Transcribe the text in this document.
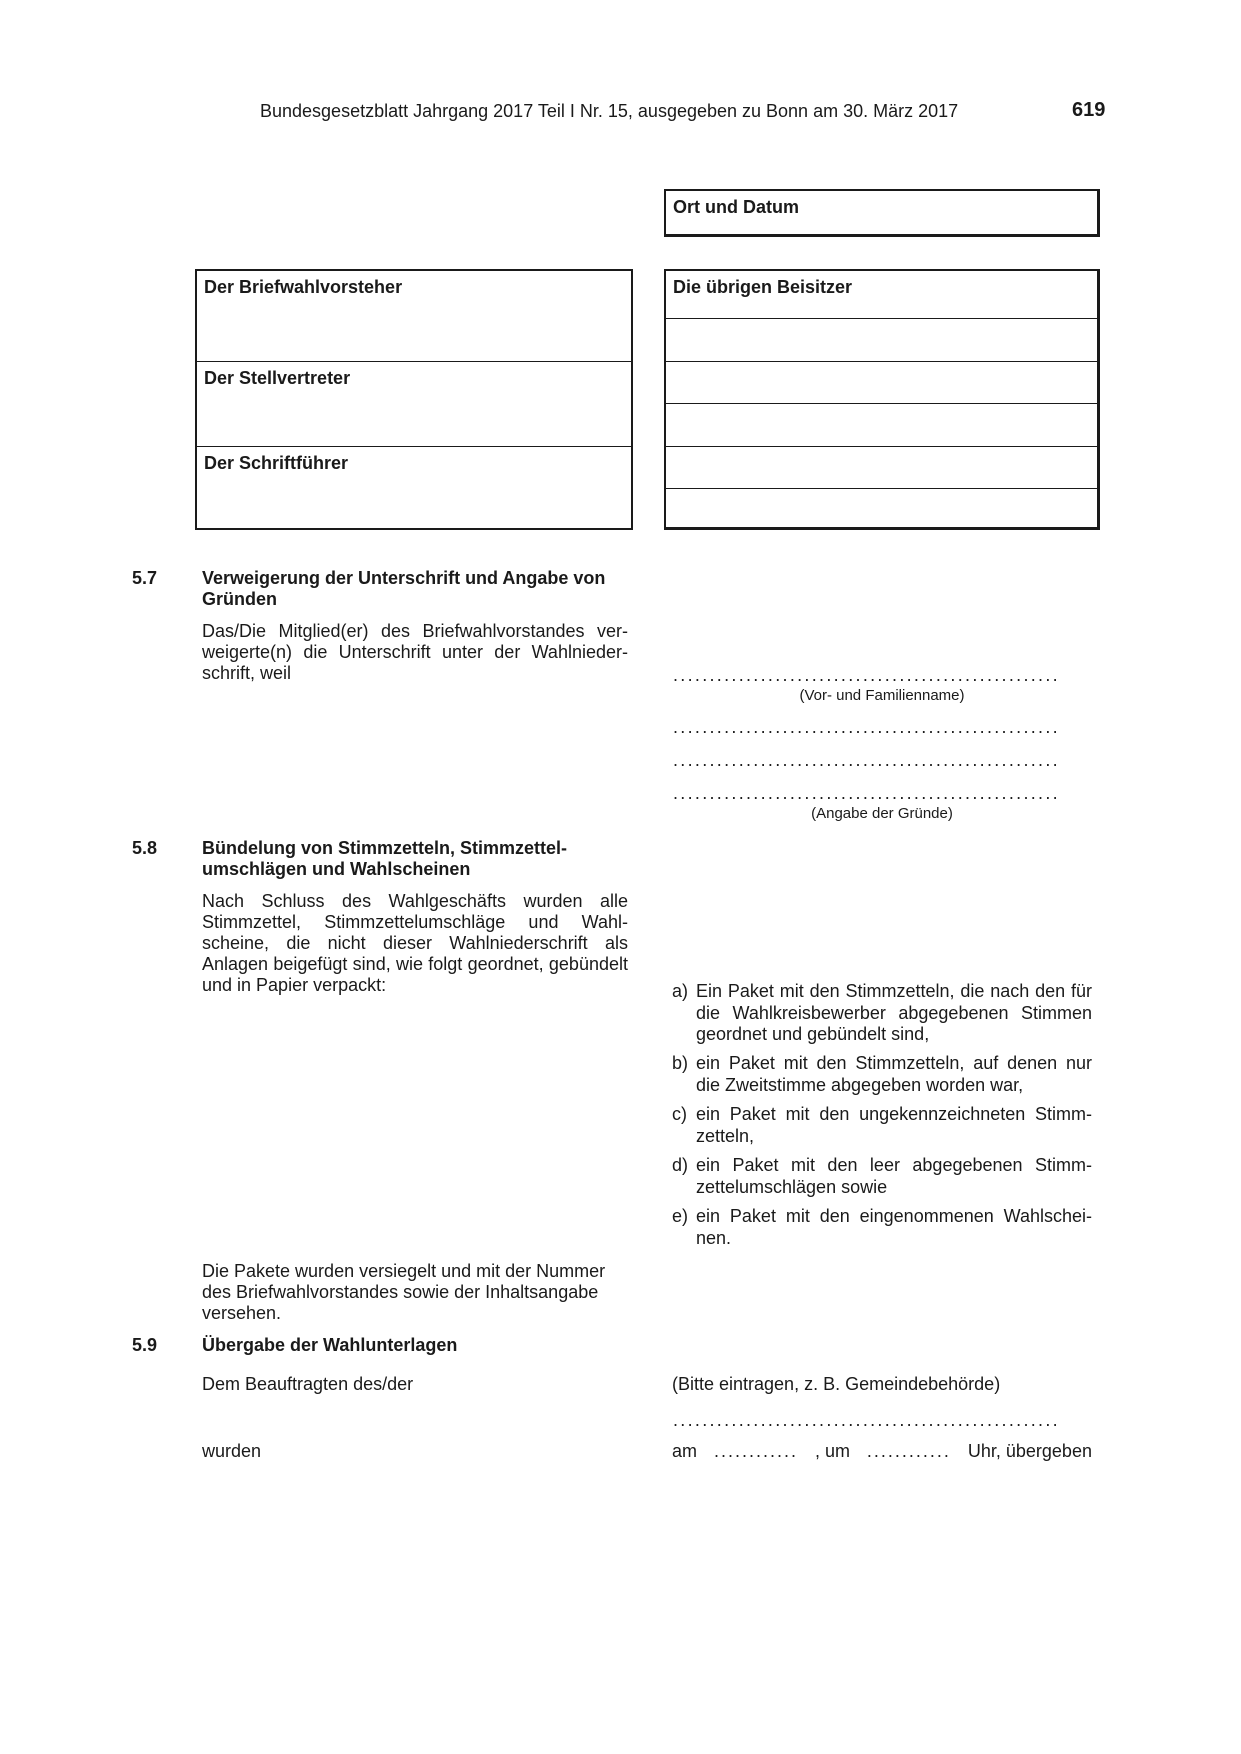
Bundesgesetzblatt Jahrgang 2017 Teil I Nr. 15, ausgegeben zu Bonn am 30. März 2017	619
Ort und Datum
Der Briefwahlvorsteher
Der Stellvertreter
Der Schriftführer
Die übrigen Beisitzer
5.7 Verweigerung der Unterschrift und Angabe von Gründen
Das/Die Mitglied(er) des Briefwahlvorstandes verweigerte(n) die Unterschrift unter der Wahlniederschrift, weil	.....................................................
(Vor- und Familienname)
.....................................................
.....................................................
.....................................................
(Angabe der Gründe)
5.8 Bündelung von Stimmzetteln, Stimmzettelumschlägen und Wahlscheinen
Nach Schluss des Wahlgeschäfts wurden alle Stimmzettel, Stimmzettelumschläge und Wahlscheine, die nicht dieser Wahlniederschrift als Anlagen beigefügt sind, wie folgt geordnet, gebündelt und in Papier verpackt:	a) Ein Paket mit den Stimmzetteln, die nach den für die Wahlkreisbewerber abgegebenen Stimmen geordnet und gebündelt sind,
b) ein Paket mit den Stimmzetteln, auf denen nur die Zweitstimme abgegeben worden war,
c) ein Paket mit den ungekennzeichneten Stimmzetteln,
d) ein Paket mit den leer abgegebenen Stimmzettelumschlägen sowie
e) ein Paket mit den eingenommenen Wahlscheinen.
Die Pakete wurden versiegelt und mit der Nummer des Briefwahlvorstandes sowie der Inhaltsangabe versehen.
5.9 Übergabe der Wahlunterlagen
Dem Beauftragten des/der	(Bitte eintragen, z. B. Gemeindebehörde)
.....................................................
wurden	am ............ , um ............ Uhr, übergeben
